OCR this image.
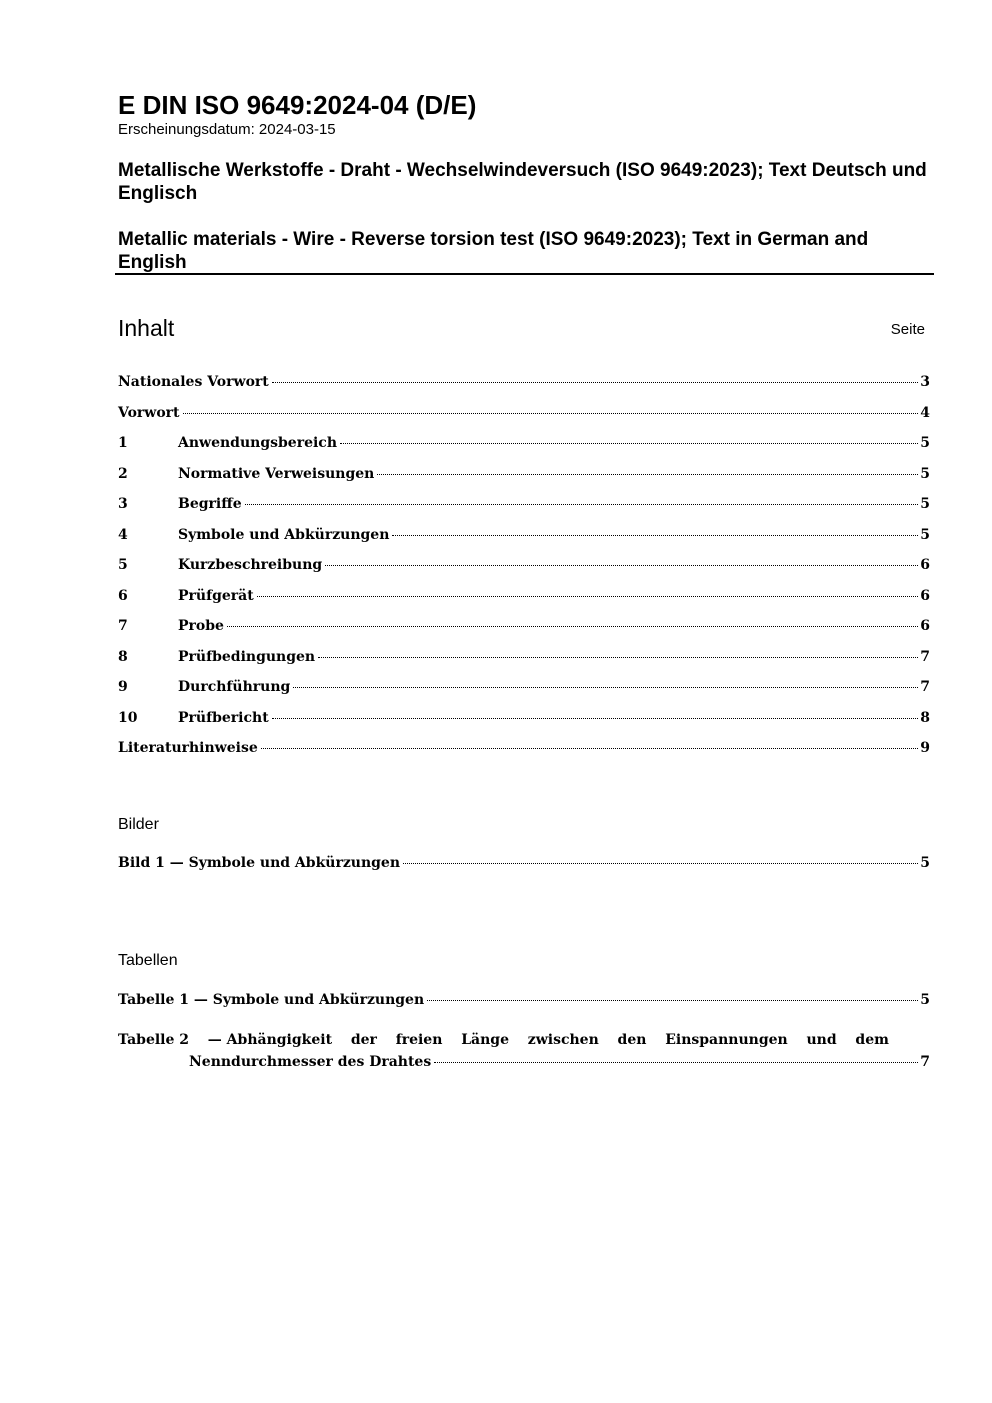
E DIN ISO 9649:2024-04 (D/E)
Erscheinungsdatum: 2024-03-15
Metallische Werkstoffe - Draht - Wechselwindeversuch (ISO 9649:2023); Text Deutsch und Englisch
Metallic materials - Wire - Reverse torsion test (ISO 9649:2023); Text in German and English
Inhalt	Seite
Nationales Vorwort	3
Vorwort	4
1	Anwendungsbereich	5
2	Normative Verweisungen	5
3	Begriffe	5
4	Symbole und Abkürzungen	5
5	Kurzbeschreibung	6
6	Prüfgerät	6
7	Probe	6
8	Prüfbedingungen	7
9	Durchführung	7
10	Prüfbericht	8
Literaturhinweise	9
Bilder
Bild 1 — Symbole und Abkürzungen	5
Tabellen
Tabelle 1 — Symbole und Abkürzungen	5
Tabelle 2 — Abhängigkeit der freien Länge zwischen den Einspannungen und dem
Nenndurchmesser des Drahtes	7
